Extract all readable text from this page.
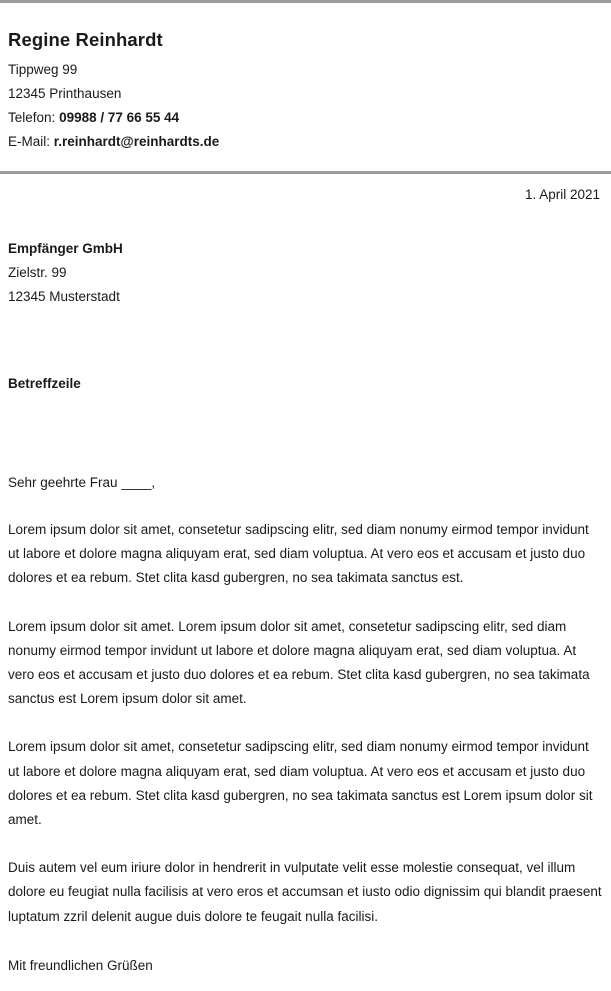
Regine Reinhardt
Tippweg 99
12345 Printhausen
Telefon: 09988 / 77 66 55 44
E-Mail: r.reinhardt@reinhardts.de
1. April 2021
Empfänger GmbH
Zielstr. 99
12345 Musterstadt
Betreffzeile
Sehr geehrte Frau ____,

Lorem ipsum dolor sit amet, consetetur sadipscing elitr, sed diam nonumy eirmod tempor invidunt ut labore et dolore magna aliquyam erat, sed diam voluptua. At vero eos et accusam et justo duo dolores et ea rebum. Stet clita kasd gubergren, no sea takimata sanctus est.

Lorem ipsum dolor sit amet. Lorem ipsum dolor sit amet, consetetur sadipscing elitr, sed diam nonumy eirmod tempor invidunt ut labore et dolore magna aliquyam erat, sed diam voluptua. At vero eos et accusam et justo duo dolores et ea rebum. Stet clita kasd gubergren, no sea takimata sanctus est Lorem ipsum dolor sit amet.

Lorem ipsum dolor sit amet, consetetur sadipscing elitr, sed diam nonumy eirmod tempor invidunt ut labore et dolore magna aliquyam erat, sed diam voluptua. At vero eos et accusam et justo duo dolores et ea rebum. Stet clita kasd gubergren, no sea takimata sanctus est Lorem ipsum dolor sit amet.

Duis autem vel eum iriure dolor in hendrerit in vulputate velit esse molestie consequat, vel illum dolore eu feugiat nulla facilisis at vero eros et accumsan et iusto odio dignissim qui blandit praesent luptatum zzril delenit augue duis dolore te feugait nulla facilisi.

Mit freundlichen Grüßen
